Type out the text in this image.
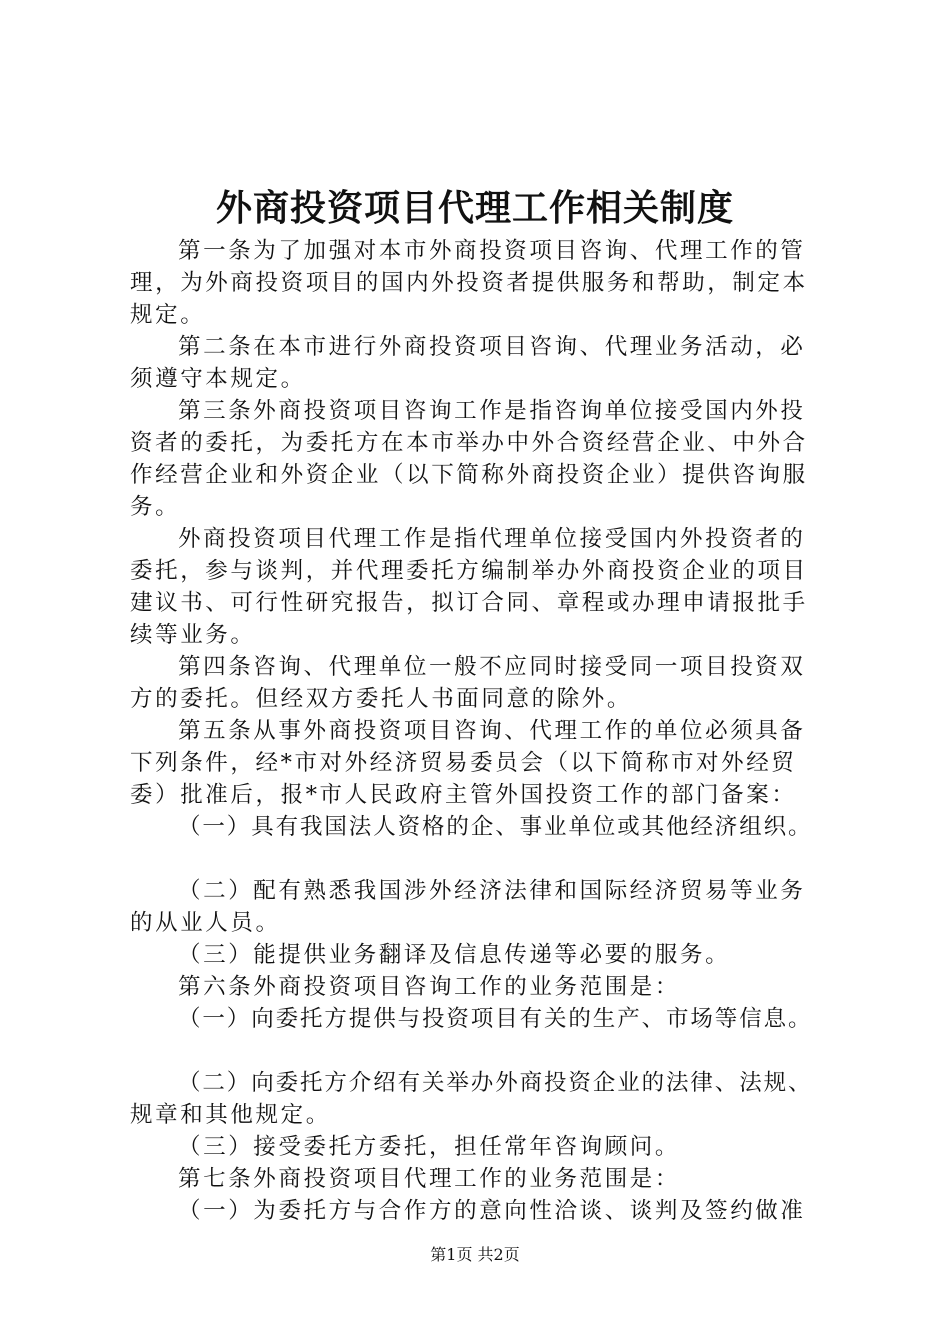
外商投资项目代理工作相关制度
第一条为了加强对本市外商投资项目咨询、代理工作的管
理，为外商投资项目的国内外投资者提供服务和帮助，制定本
规定。
第二条在本市进行外商投资项目咨询、代理业务活动，必
须遵守本规定。
第三条外商投资项目咨询工作是指咨询单位接受国内外投
资者的委托，为委托方在本市举办中外合资经营企业、中外合
作经营企业和外资企业（以下简称外商投资企业）提供咨询服
务。
外商投资项目代理工作是指代理单位接受国内外投资者的
委托，参与谈判，并代理委托方编制举办外商投资企业的项目
建议书、可行性研究报告，拟订合同、章程或办理申请报批手
续等业务。
第四条咨询、代理单位一般不应同时接受同一项目投资双
方的委托。但经双方委托人书面同意的除外。
第五条从事外商投资项目咨询、代理工作的单位必须具备
下列条件，经*市对外经济贸易委员会（以下简称市对外经贸
委）批准后，报*市人民政府主管外国投资工作的部门备案：
（一）具有我国法人资格的企、事业单位或其他经济组织。
（二）配有熟悉我国涉外经济法律和国际经济贸易等业务
的从业人员。
（三）能提供业务翻译及信息传递等必要的服务。
第六条外商投资项目咨询工作的业务范围是：
（一）向委托方提供与投资项目有关的生产、市场等信息。
（二）向委托方介绍有关举办外商投资企业的法律、法规、
规章和其他规定。
（三）接受委托方委托，担任常年咨询顾问。
第七条外商投资项目代理工作的业务范围是：
（一）为委托方与合作方的意向性洽谈、谈判及签约做准

第1页 共2页
